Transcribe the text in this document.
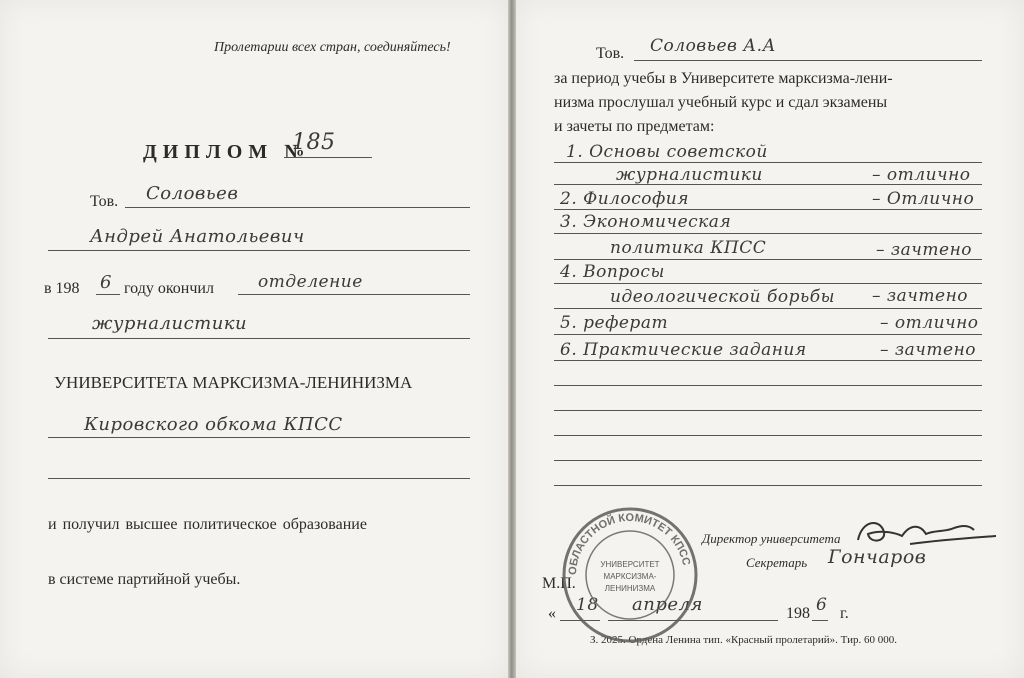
Пролетарии всех стран, соединяйтесь!
ДИПЛОМ №
185
Тов. Соловьев
Андрей Анатольевич
в 198 6 году окончил	отделение
журналистики
УНИВЕРСИТЕТА МАРКСИЗМА-ЛЕНИНИЗМА
Кировского обкома КПСС
и получил высшее политическое образование
в системе партийной учебы.
Тов. Соловьев А.А
за период учебы в Университете марксизма-лени-
низма прослушал учебный курс и сдал экзамены
и зачеты по предметам:
1. Основы советской
журналистики	– отлично
2. Философия	– Отлично
3. Экономическая
политика КПСС	– зачтено
4. Вопросы
идеологической борьбы – зачтено
5. реферат	– отлично
6. Практические задания	– зачтено
Директор университета
Секретарь Гончаров
М.П.
« 18 апреля	198 6 г.
З. 2025. Ордена Ленина тип. «Красный пролетарий». Тир. 60 000.
ОБЛАСТНОЙ КОМИТЕТ КПСС
УНИВЕРСИТЕТ
МАРКСИЗМА-
ЛЕНИНИЗМА
